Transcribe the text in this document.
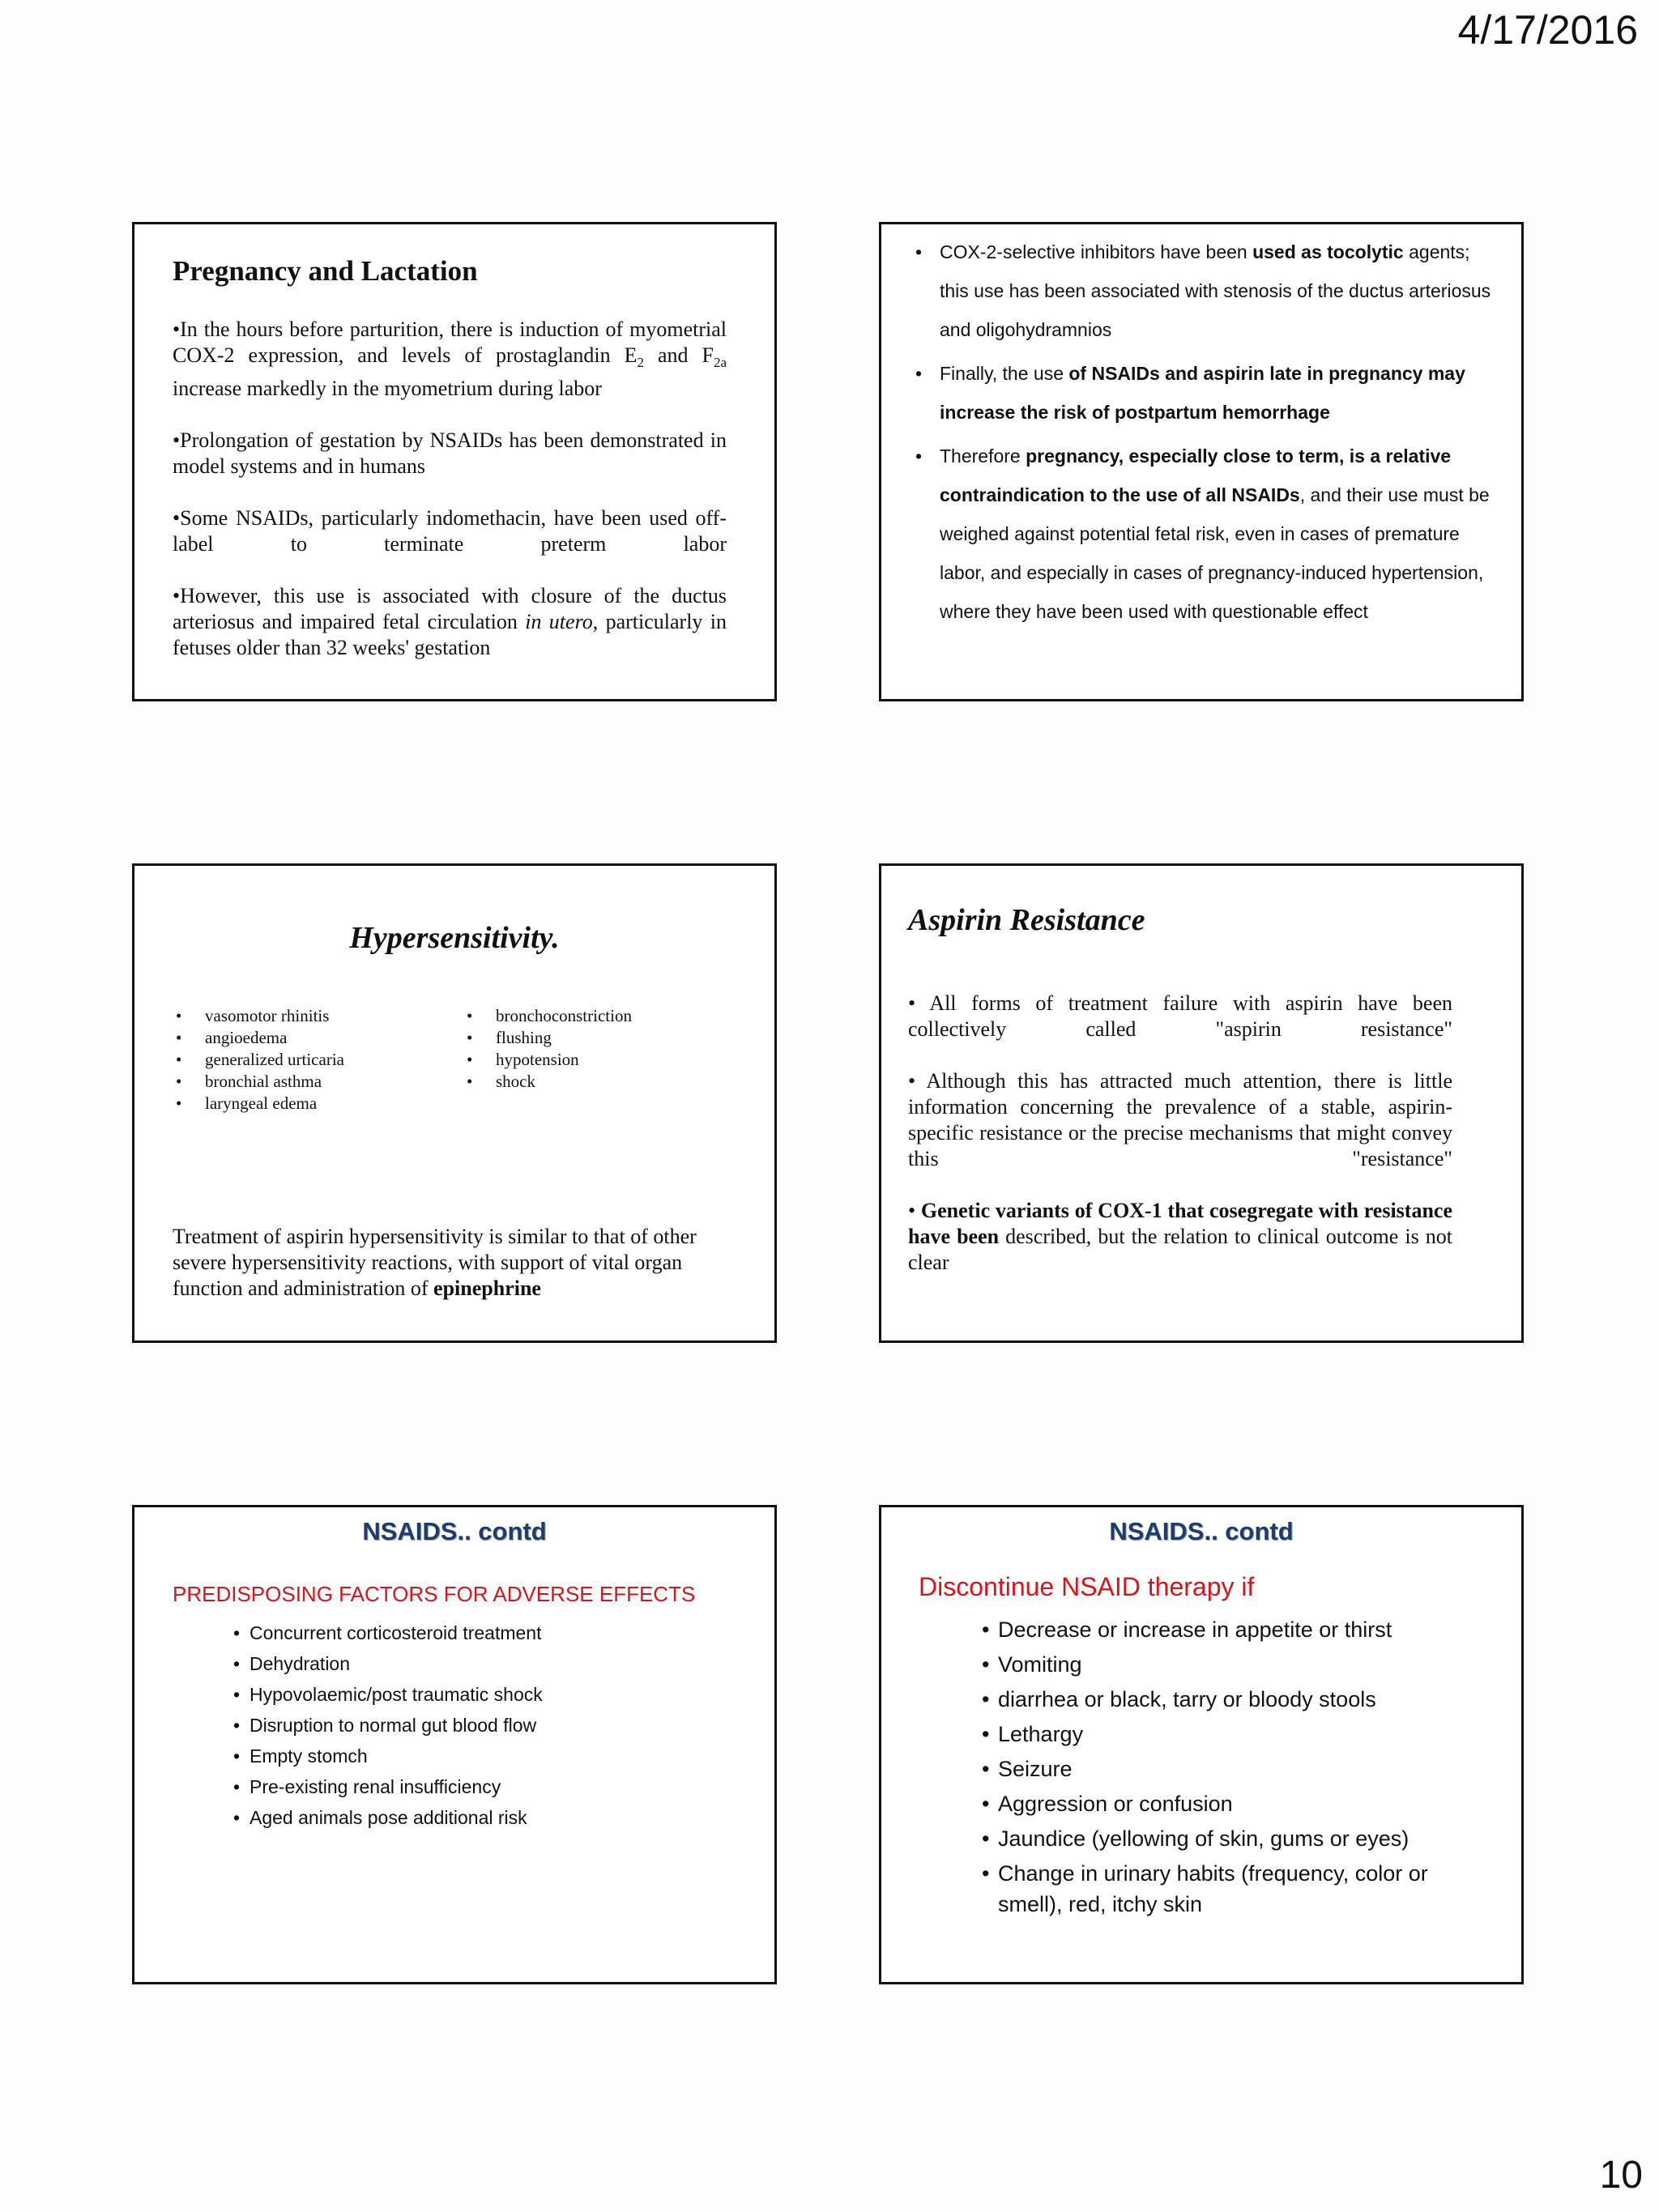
4/17/2016
Pregnancy and Lactation

•In the hours before parturition, there is induction of myometrial COX-2 expression, and levels of prostaglandin $E_2$ and $F_{2a}$ increase markedly in the myometrium during labor

•Prolongation of gestation by NSAIDs has been demonstrated in model systems and in humans

•Some NSAIDs, particularly indomethacin, have been used off-label to terminate preterm labor

•However, this use is associated with closure of the ductus arteriosus and impaired fetal circulation in utero, particularly in fetuses older than 32 weeks' gestation

• COX-2-selective inhibitors have been used as tocolytic agents; this use has been associated with stenosis of the ductus arteriosus and oligohydramnios
• Finally, the use of NSAIDs and aspirin late in pregnancy may increase the risk of postpartum hemorrhage
• Therefore pregnancy, especially close to term, is a relative contraindication to the use of all NSAIDs, and their use must be weighed against potential fetal risk, even in cases of premature labor, and especially in cases of pregnancy-induced hypertension, where they have been used with questionable effect
Hypersensitivity.
• vasomotor rhinitis
• angioedema
• generalized urticaria
• bronchial asthma
• laryngeal edema
• bronchoconstriction
• flushing
• hypotension
• shock
Treatment of aspirin hypersensitivity is similar to that of other severe hypersensitivity reactions, with support of vital organ function and administration of epinephrine
Aspirin Resistance

• All forms of treatment failure with aspirin have been collectively called "aspirin resistance"

• Although this has attracted much attention, there is little information concerning the prevalence of a stable, aspirin-specific resistance or the precise mechanisms that might convey this "resistance"

• Genetic variants of COX-1 that cosegregate with resistance have been described, but the relation to clinical outcome is not clear

NSAIDS.. contd
PREDISPOSING FACTORS FOR ADVERSE EFFECTS
• Concurrent corticosteroid treatment
• Dehydration
• Hypovolaemic/post traumatic shock
• Disruption to normal gut blood flow
• Empty stomch
• Pre-existing renal insufficiency
• Aged animals pose additional risk
NSAIDS.. contd
Discontinue NSAID therapy if
• Decrease or increase in appetite or thirst
• Vomiting
• diarrhea or black, tarry or bloody stools
• Lethargy
• Seizure
• Aggression or confusion
• Jaundice (yellowing of skin, gums or eyes)
• Change in urinary habits (frequency, color or smell), red, itchy skin
10
